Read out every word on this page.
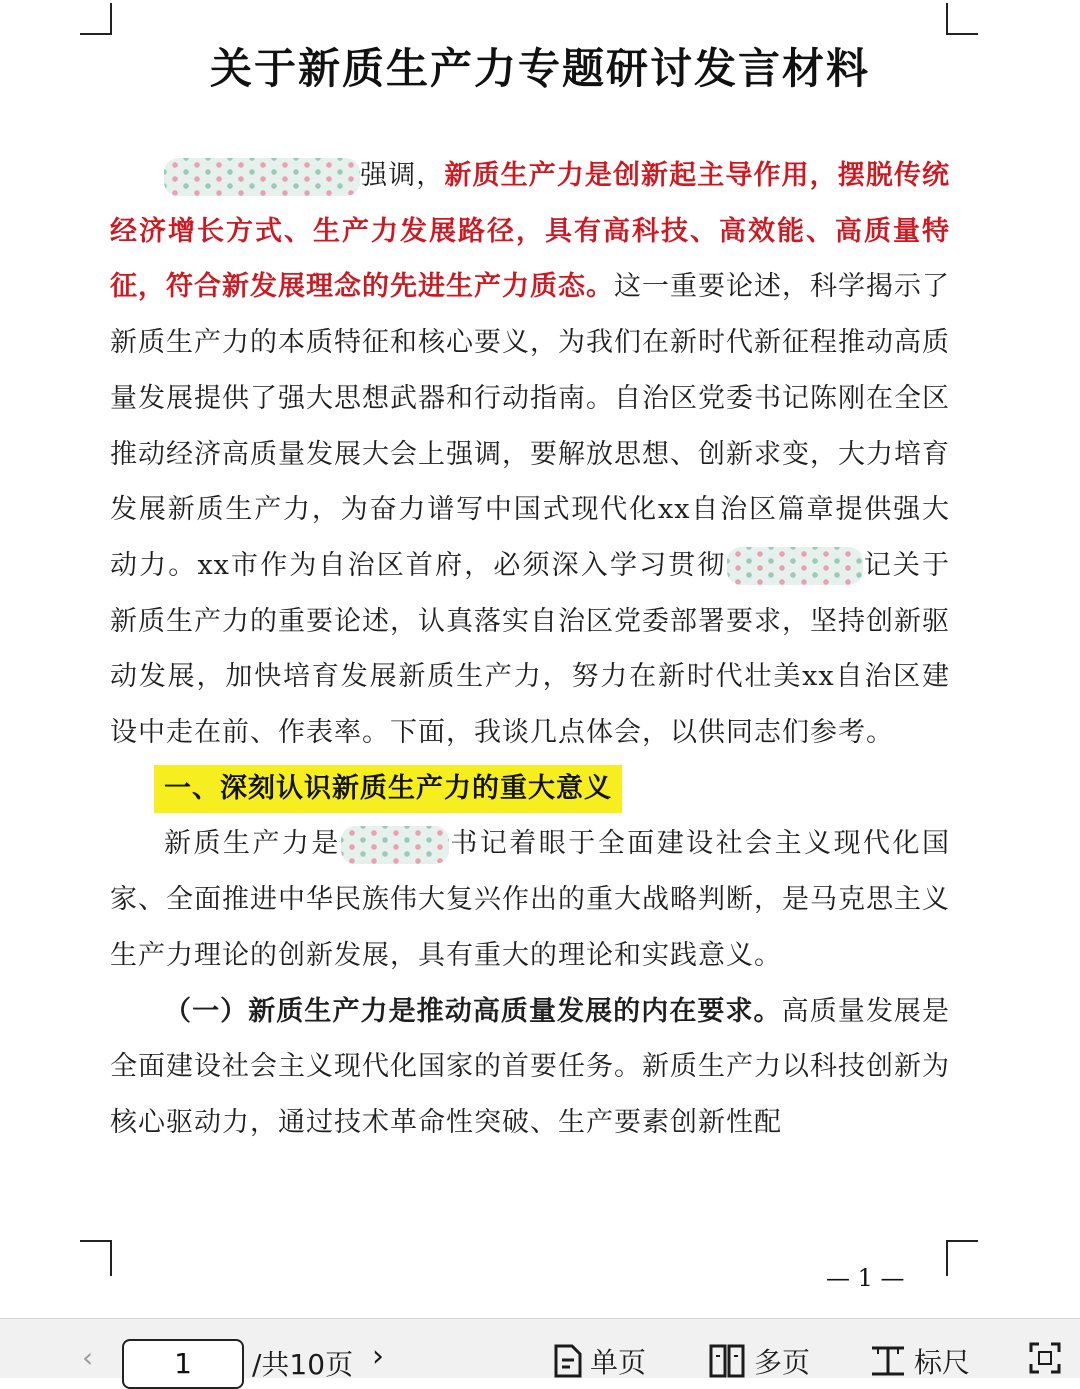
关于新质生产力专题研讨发言材料

强调，新质生产力是创新起主导作用，摆脱传统经济增长方式、生产力发展路径，具有高科技、高效能、高质量特征，符合新发展理念的先进生产力质态。这一重要论述，科学揭示了新质生产力的本质特征和核心要义，为我们在新时代新征程推动高质量发展提供了强大思想武器和行动指南。自治区党委书记陈刚在全区推动经济高质量发展大会上强调，要解放思想、创新求变，大力培育发展新质生产力，为奋力谱写中国式现代化xx自治区篇章提供强大动力。xx市作为自治区首府，必须深入学习贯彻	记关于新质生产力的重要论述，认真落实自治区党委部署要求，坚持创新驱动发展，加快培育发展新质生产力，努力在新时代壮美xx自治区建设中走在前、作表率。下面，我谈几点体会，以供同志们参考。

一、深刻认识新质生产力的重大意义

新质生产力是	书记着眼于全面建设社会主义现代化国家、全面推进中华民族伟大复兴作出的重大战略判断，是马克思主义生产力理论的创新发展，具有重大的理论和实践意义。

（一）新质生产力是推动高质量发展的内在要求。高质量发展是全面建设社会主义现代化国家的首要任务。新质生产力以科技创新为核心驱动力，通过技术革命性突破、生产要素创新性配

— 1 —
‹
1	/共10页 ›	单页	多页	标尺
